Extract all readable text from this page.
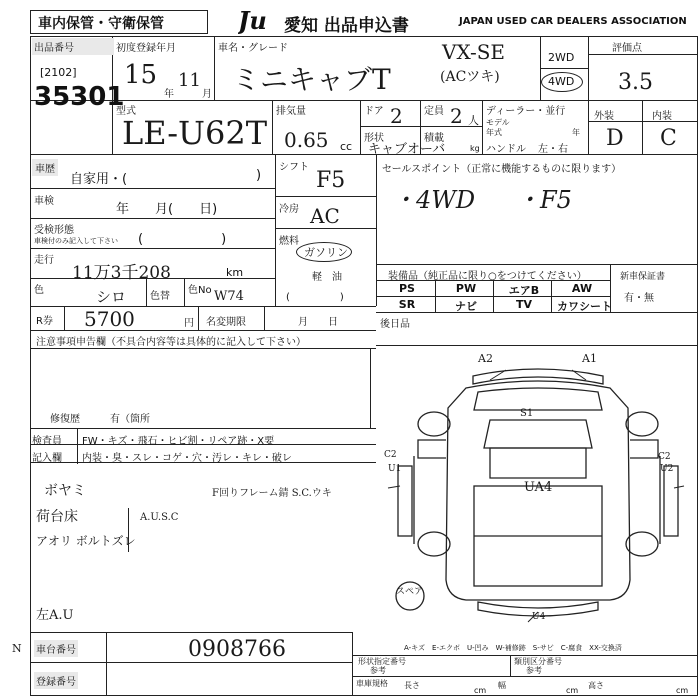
車内保管・守衛保管	Ju 愛知 出品申込書	JAPAN USED CAR DEALERS ASSOCIATION
出品番号
[2102]
35301
初度登録年月
15
年
11
月
車名・グレード
ミニキャブT
VX-SE
(ACツキ)
2WD
4WD
評価点
3.5
型式
LE-U62T
排気量
0.65 cc
ドア 2 定員 2 人
形状
キャブオーバ
積載
kg
ディーラー・並行
モデル
年式	年
ハンドル 左・右
外装	内装
D C
車歴
自家用・(	)
車検
年　　月(　　日)
受検形態
車検付のみ記入して下さい (　　　　　　)
走行
11万3千208	km
色	シロ 色替
色No W74
R券 5700	円 名変期限	月　　日
注意事項申告欄（不具合内容等は具体的に記入して下さい）
修復歴	有（箇所
検査員
記入欄
FW・キズ・飛石・ヒビ割・リペア跡・X要
内装・臭・スレ・コゲ・穴・汚レ・キレ・破レ
ボヤミ
荷台床
アオリ ボルトズレ
A.U.S.C
F回りフレーム錆 S.C.ウキ
左A.U
N 車台番号	0908766
登録番号
シフト
F5
冷房 AC
燃料
ガソリン
軽　油
(　　　　　)
セールスポイント（正常に機能するものに限ります）
・4WD ・F5
装備品（純正品に限り○をつけてください）
PS	PW	エアB	AW
SR	ナビ	TV	カワシート
新車保証書
有・無
後日品
A2	A1
S1
C2
U1
C2
U2
UA4
U4
スペア
A-キズ　E-エクボ　U-凹み　W-補修跡　S-サビ　C-腐食　XX-交換済
形状指定番号
参考
類別区分番号
参考
車庫規格 長さ
cm
幅
cm
高さ
cm
